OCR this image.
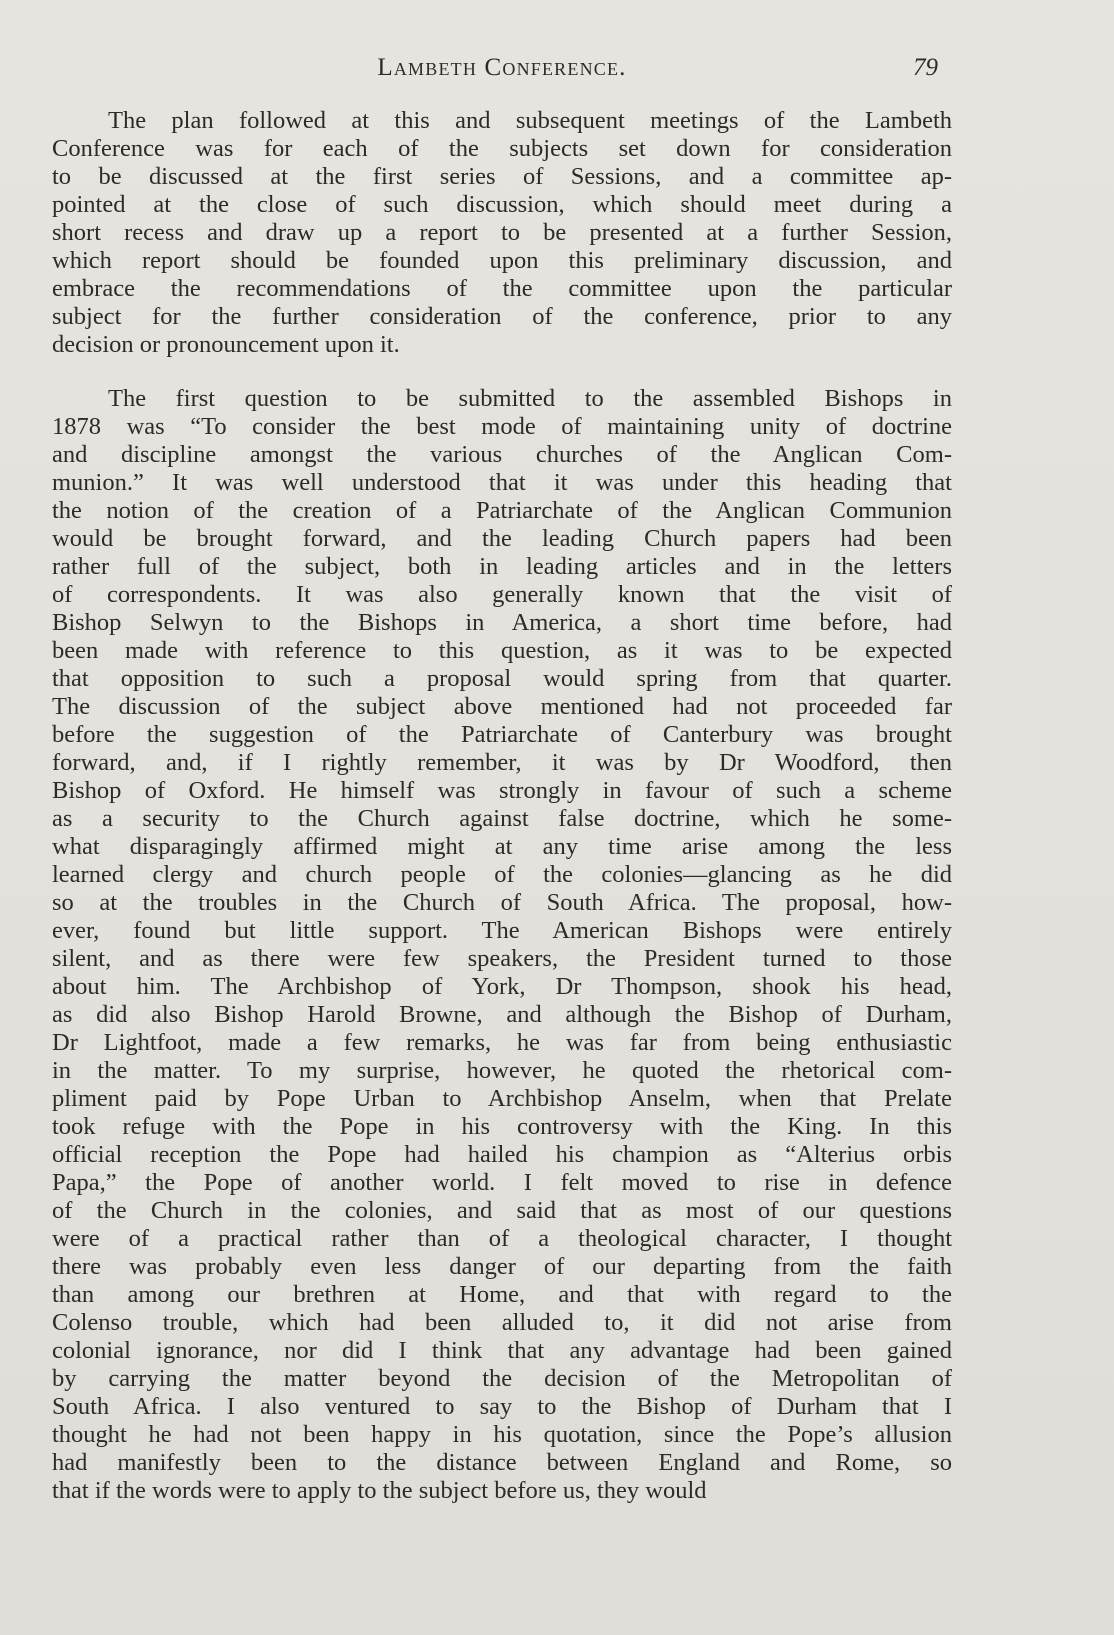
Lambeth Conference.	79
The plan followed at this and subsequent meetings of the Lambeth
Conference was for each of the subjects set down for consideration
to be discussed at the first series of Sessions, and a committee ap-
pointed at the close of such discussion, which should meet during a
short recess and draw up a report to be presented at a further Session,
which report should be founded upon this preliminary discussion, and
embrace the recommendations of the committee upon the particular
subject for the further consideration of the conference, prior to any
decision or pronouncement upon it.
The first question to be submitted to the assembled Bishops in
1878 was “To consider the best mode of maintaining unity of doctrine
and discipline amongst the various churches of the Anglican Com-
munion.” It was well understood that it was under this heading that
the notion of the creation of a Patriarchate of the Anglican Communion
would be brought forward, and the leading Church papers had been
rather full of the subject, both in leading articles and in the letters
of correspondents. It was also generally known that the visit of
Bishop Selwyn to the Bishops in America, a short time before, had
been made with reference to this question, as it was to be expected
that opposition to such a proposal would spring from that quarter.
The discussion of the subject above mentioned had not proceeded far
before the suggestion of the Patriarchate of Canterbury was brought
forward, and, if I rightly remember, it was by Dr Woodford, then
Bishop of Oxford. He himself was strongly in favour of such a scheme
as a security to the Church against false doctrine, which he some-
what disparagingly affirmed might at any time arise among the less
learned clergy and church people of the colonies—glancing as he did
so at the troubles in the Church of South Africa. The proposal, how-
ever, found but little support. The American Bishops were entirely
silent, and as there were few speakers, the President turned to those
about him. The Archbishop of York, Dr Thompson, shook his head,
as did also Bishop Harold Browne, and although the Bishop of Durham,
Dr Lightfoot, made a few remarks, he was far from being enthusiastic
in the matter. To my surprise, however, he quoted the rhetorical com-
pliment paid by Pope Urban to Archbishop Anselm, when that Prelate
took refuge with the Pope in his controversy with the King. In this
official reception the Pope had hailed his champion as “Alterius orbis
Papa,” the Pope of another world. I felt moved to rise in defence
of the Church in the colonies, and said that as most of our questions
were of a practical rather than of a theological character, I thought
there was probably even less danger of our departing from the faith
than among our brethren at Home, and that with regard to the
Colenso trouble, which had been alluded to, it did not arise from
colonial ignorance, nor did I think that any advantage had been gained
by carrying the matter beyond the decision of the Metropolitan of
South Africa. I also ventured to say to the Bishop of Durham that I
thought he had not been happy in his quotation, since the Pope’s allusion
had manifestly been to the distance between England and Rome, so
that if the words were to apply to the subject before us, they would
